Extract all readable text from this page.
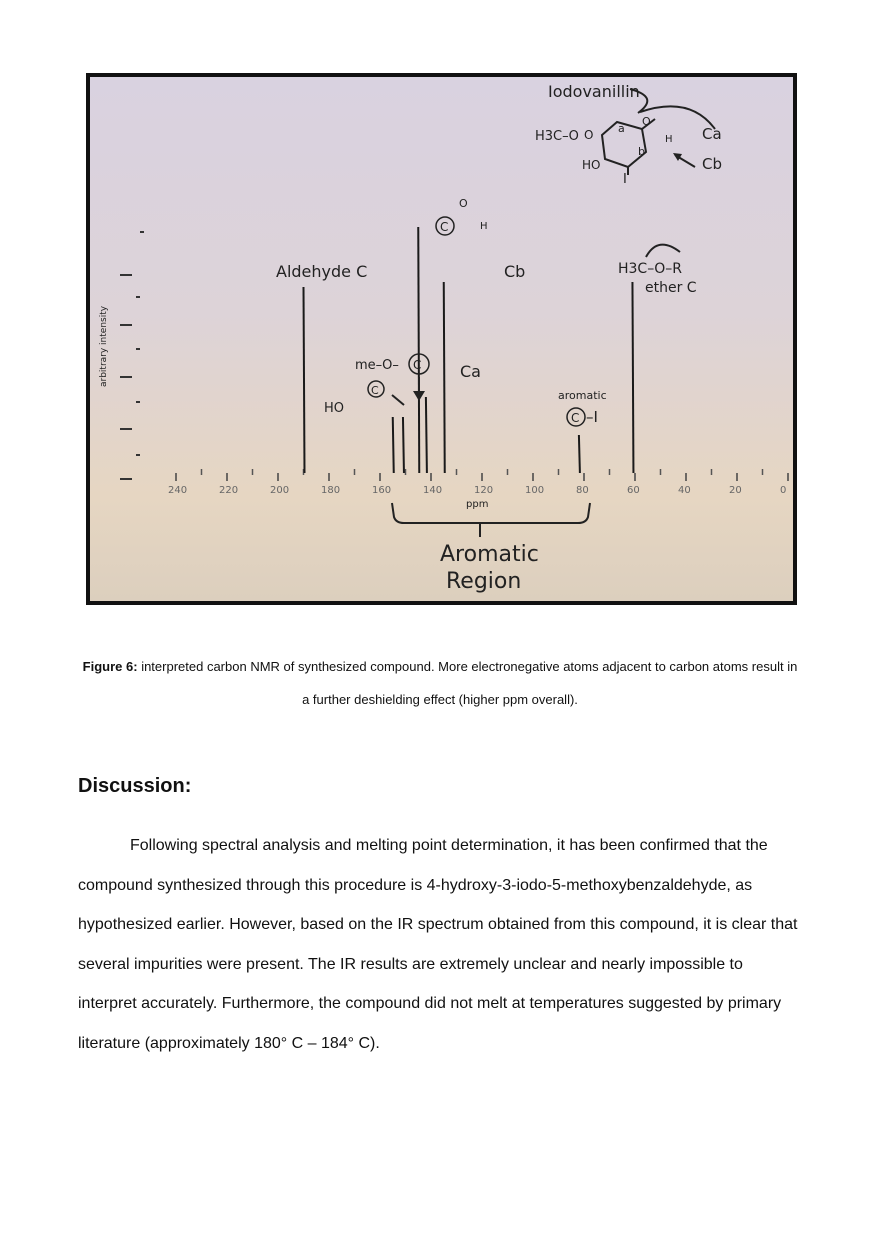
Iodovanillin
H3C–O O a
b
O
H
HO
I
Ca
Cb
arbitrary intensity
240	220	200	180	160	140	120	100	80	60	40	20	0
ppm
Aldehyde C
C
O
H
Cb	H3C–O–R
ether C
me–O– C
HO
C
Ca
aromatic
C –I
Aromatic
Region
Figure 6: interpreted carbon NMR of synthesized compound. More electronegative atoms adjacent to carbon atoms result in a further deshielding effect (higher ppm overall).
Discussion:
Following spectral analysis and melting point determination, it has been confirmed that the compound synthesized through this procedure is 4-hydroxy-3-iodo-5-methoxybenzaldehyde, as hypothesized earlier. However, based on the IR spectrum obtained from this compound, it is clear that several impurities were present. The IR results are extremely unclear and nearly impossible to interpret accurately. Furthermore, the compound did not melt at temperatures suggested by primary literature (approximately 180° C – 184° C).
